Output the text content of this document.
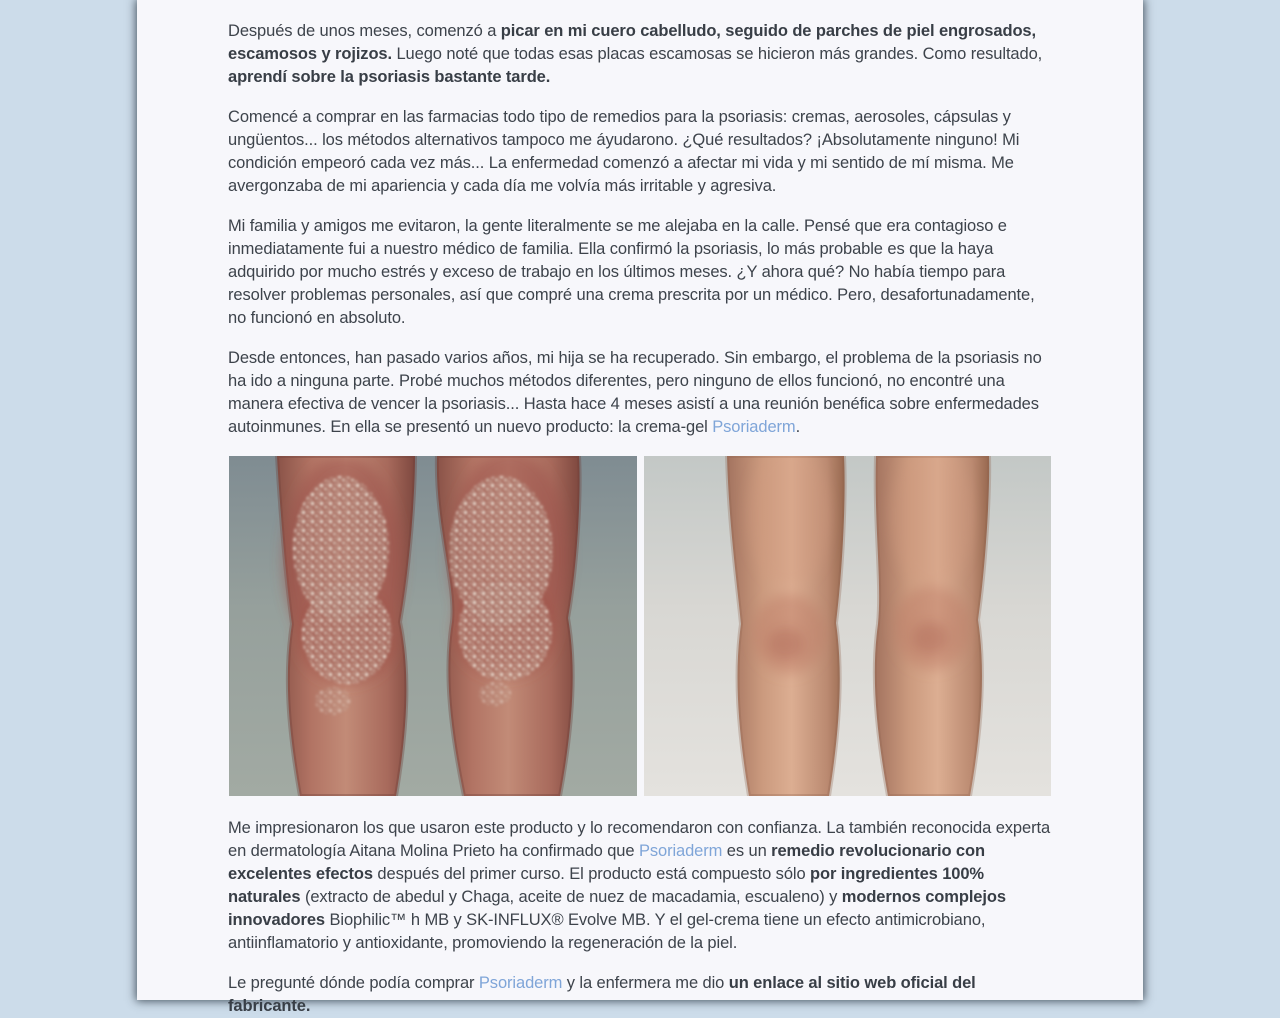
Después de unos meses, comenzó a picar en mi cuero cabelludo, seguido de parches de piel engrosados, escamosos y rojizos. Luego noté que todas esas placas escamosas se hicieron más grandes. Como resultado, aprendí sobre la psoriasis bastante tarde.

Comencé a comprar en las farmacias todo tipo de remedios para la psoriasis: cremas, aerosoles, cápsulas y ungüentos... los métodos alternativos tampoco me áyudarono. ¿Qué resultados? ¡Absolutamente ninguno! Mi condición empeoró cada vez más... La enfermedad comenzó a afectar mi vida y mi sentido de mí misma. Me avergonzaba de mi apariencia y cada día me volvía más irritable y agresiva.

Mi familia y amigos me evitaron, la gente literalmente se me alejaba en la calle. Pensé que era contagioso e inmediatamente fui a nuestro médico de familia. Ella confirmó la psoriasis, lo más probable es que la haya adquirido por mucho estrés y exceso de trabajo en los últimos meses. ¿Y ahora qué? No había tiempo para resolver problemas personales, así que compré una crema prescrita por un médico. Pero, desafortunadamente, no funcionó en absoluto.

Desde entonces, han pasado varios años, mi hija se ha recuperado. Sin embargo, el problema de la psoriasis no ha ido a ninguna parte. Probé muchos métodos diferentes, pero ninguno de ellos funcionó, no encontré una manera efectiva de vencer la psoriasis... Hasta hace 4 meses asistí a una reunión benéfica sobre enfermedades autoinmunes. En ella se presentó un nuevo producto: la crema-gel Psoriaderm.

Me impresionaron los que usaron este producto y lo recomendaron con confianza. La también reconocida experta en dermatología Aitana Molina Prieto ha confirmado que Psoriaderm es un remedio revolucionario con excelentes efectos después del primer curso. El producto está compuesto sólo por ingredientes 100% naturales (extracto de abedul y Chaga, aceite de nuez de macadamia, escualeno) y modernos complejos innovadores Biophilic™ h MB y SK-INFLUX® Evolve MB. Y el gel-crema tiene un efecto antimicrobiano, antiinflamatorio y antioxidante, promoviendo la regeneración de la piel.

Le pregunté dónde podía comprar Psoriaderm y la enfermera me dio un enlace al sitio web oficial del fabricante.
